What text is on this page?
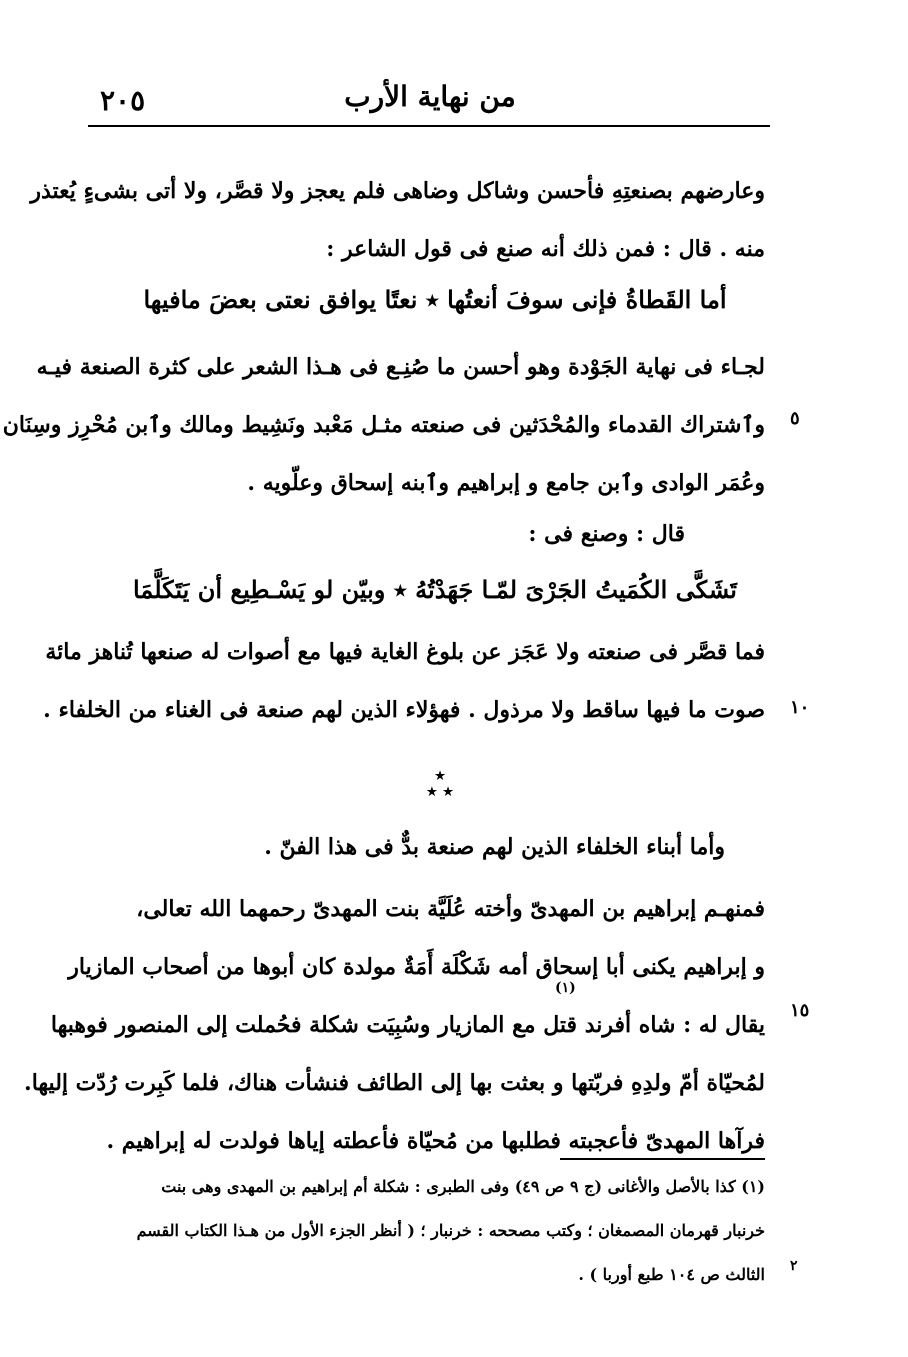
٢٠٥	من نهاية الأرب
وعارضهم بصنعتِهِ فأحسن وشاكل وضاهى فلم يعجز ولا قصَّر، ولا أتى بشىءٍ يُعتذر
منه . قال : فمن ذلك أنه صنع فى قول الشاعر :
أما القَطاةُ فإنى سوفَ أنعتُها ٭ نعتًا يوافق نعتى بعضَ مافيها
لجـاء فى نهاية الجَوْدة وهو أحسن ما صُنِـع فى هـذا الشعر على كثرة الصنعة فيـه
وٱشتراك القدماء والمُحْدَثين فى صنعته مثـل مَعْبد ونَشِيط ومالك وٱبن مُحْرِز وسِنَان
وعُمَر الوادى وٱبن جامع و إبراهيم وٱبنه إسحاق وعلّويه .
٥
قال : وصنع فى :
تَشَكَّى الكُمَيتُ الجَرْىَ لمّـا جَهَدْتُهُ ٭ وبيّن لو يَسْـطِيع أن يَتَكَلَّمَا
فما قصَّر فى صنعته ولا عَجَز عن بلوغ الغاية فيها مع أصوات له صنعها تُناهز مائة
صوت ما فيها ساقط ولا مرذول . فهؤلاء الذين لهم صنعة فى الغناء من الخلفاء . ١٠
٭
٭ ٭
وأما أبناء الخلفاء الذين لهم صنعة بدٌّ فى هذا الفنّ .
فمنهـم إبراهيم بن المهدىّ وأخته عُلَيَّة بنت المهدىّ رحمهما الله تعالى،
و إبراهيم يكنى أبا إسحاق أمه شَكْلَة أَمَةٌ مولدة كان أبوها من أصحاب المازيار
يقال له : شاه أفرند قتل مع المازيار وسُبِيَت شكلة فحُملت إلى المنصور فوهبها
لمُحيّاة أمّ ولدِهِ فربّتها و بعثت بها إلى الطائف فنشأت هناك، فلما كَبِرت رُدّت إليها.
فرآها المهدىّ فأعجبته فطلبها من مُحيّاة فأعطته إياها فولدت له إبراهيم .
(١)
١٥
(١) كذا بالأصل والأغانى (ج ٩ ص ٤٩) وفى الطبرى : شكلة أم إبراهيم بن المهدى وهى بنت
خرنبار قهرمان المصمغان ؛ وكتب مصححه : خرنبار ؛ ( أنظر الجزء الأول من هـذا الكتاب القسم
الثالث ص ١٠٤ طبع أوربا ) . ٢
